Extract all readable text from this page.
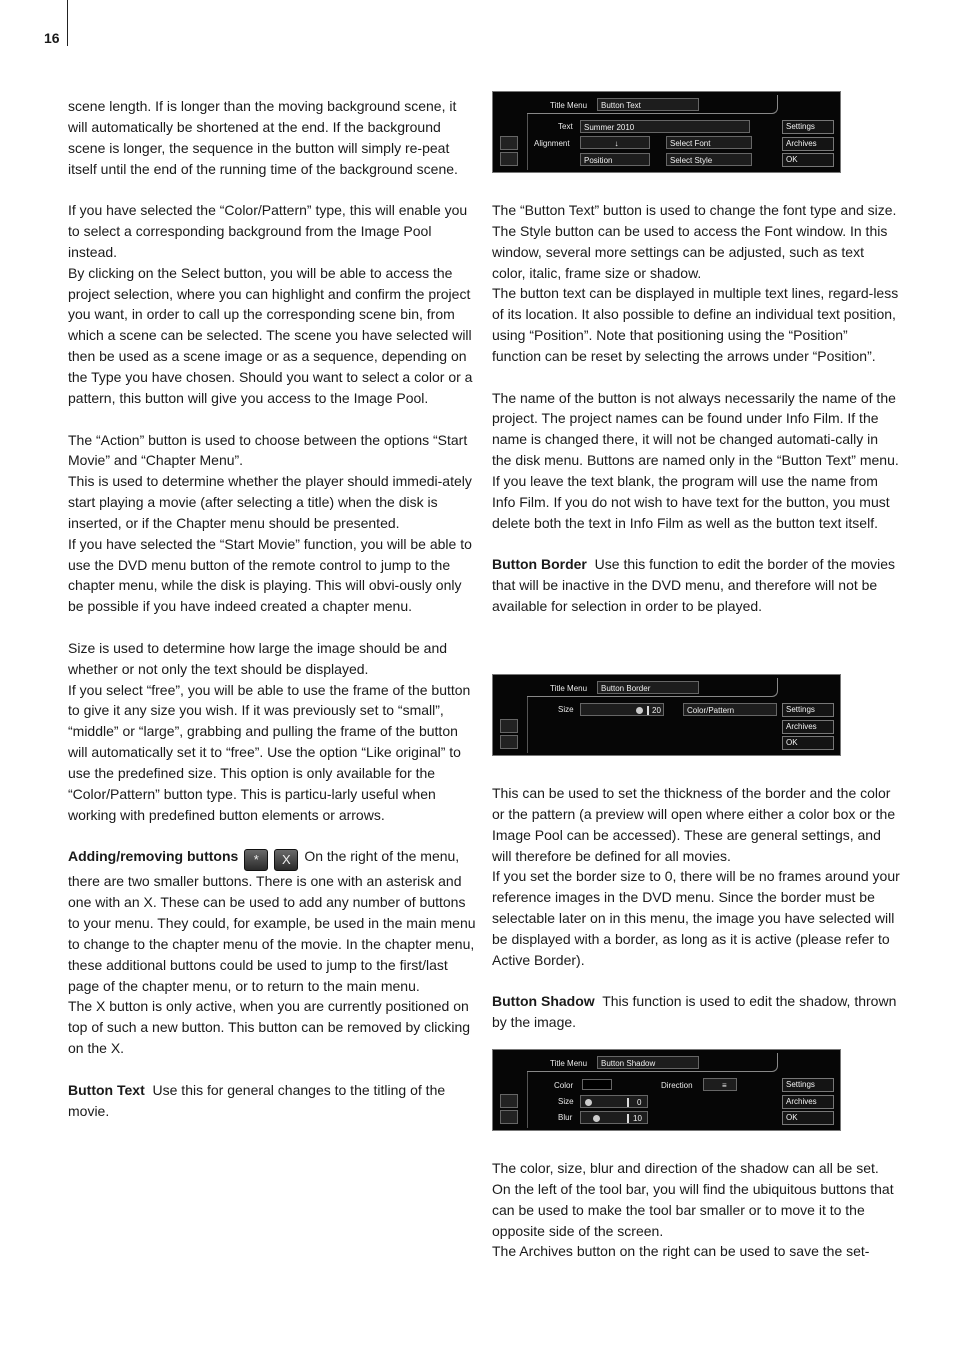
16

scene length. If is longer than the moving background scene, it will automatically be shortened at the end. If the background scene is longer, the sequence in the button will simply re-peat itself until the end of the running time of the background scene.

If you have selected the “Color/Pattern” type, this will enable you to select a corresponding background from the Image Pool instead.

By clicking on the Select button, you will be able to access the project selection, where you can highlight and confirm the project you want, in order to call up the corresponding scene bin, from which a scene can be selected. The scene you have selected will then be used as a scene image or as a sequence, depending on the Type you have chosen. Should you want to select a color or a pattern, this button will give you access to the Image Pool.

The “Action” button is used to choose between the options “Start Movie” and “Chapter Menu”.

This is used to determine whether the player should immedi-ately start playing a movie (after selecting a title) when the disk is inserted, or if the Chapter menu should be presented.

If you have selected the “Start Movie” function, you will be able to use the DVD menu button of the remote control to jump to the chapter menu, while the disk is playing. This will obvi-ously only be possible if you have indeed created a chapter menu.

Size is used to determine how large the image should be and whether or not only the text should be displayed.

If you select “free”, you will be able to use the frame of the button to give it any size you wish. If it was previously set to “small”, “middle” or “large”, grabbing and pulling the frame of the button will automatically set it to “free”. Use the option “Like original” to use the predefined size. This option is only available for the “Color/Pattern” button type. This is particu-larly useful when working with predefined button elements or arrows.

Adding/removing buttons * X On the right of the menu, there are two smaller buttons. There is one with an asterisk and one with an X. These can be used to add any number of buttons to your menu. They could, for example, be used in the main menu to change to the chapter menu of the movie. In the chapter menu, these additional buttons could be used to jump to the first/last page of the chapter menu, or to return to the main menu.

The X button is only active, when you are currently positioned on top of such a new button. This button can be removed by clicking on the X.

Button Text Use this for general changes to the titling of the movie.

Title Menu	Button Text
Text	Summer 2010
Alignment	↓	Select Font
Position	Select Style
Settings
Archives
OK

The “Button Text” button is used to change the font type and size. The Style button can be used to access the Font window. In this window, several more settings can be adjusted, such as text color, italic, frame size or shadow.

The button text can be displayed in multiple text lines, regard-less of its location. It also possible to define an individual text position, using “Position”. Note that positioning using the “Position” function can be reset by selecting the arrows under “Position”.

The name of the button is not always necessarily the name of the project. The project names can be found under Info Film. If the name is changed there, it will not be changed automati-cally in the disk menu. Buttons are named only in the “Button Text” menu. If you leave the text blank, the program will use the name from Info Film. If you do not wish to have text for the button, you must delete both the text in Info Film as well as the button text itself.

Button Border Use this function to edit the border of the movies that will be inactive in the DVD menu, and therefore will not be available for selection in order to be played.

Title Menu	Button Border
Size	20	Color/Pattern	Settings
Archives
OK

This can be used to set the thickness of the border and the color or the pattern (a preview will open where either a color box or the Image Pool can be accessed). These are general settings, and will therefore be defined for all movies.

If you set the border size to 0, there will be no frames around your reference images in the DVD menu. Since the border must be selectable later on in this menu, the image you have selected will be displayed with a border, as long as it is active (please refer to Active Border).

Button Shadow This function is used to edit the shadow, thrown by the image.

Title Menu	Button Shadow
Color	Direction	≡
Size	0
Blur	10
Settings
Archives
OK

The color, size, blur and direction of the shadow can all be set. On the left of the tool bar, you will find the ubiquitous buttons that can be used to make the tool bar smaller or to move it to the opposite side of the screen.

The Archives button on the right can be used to save the set-
